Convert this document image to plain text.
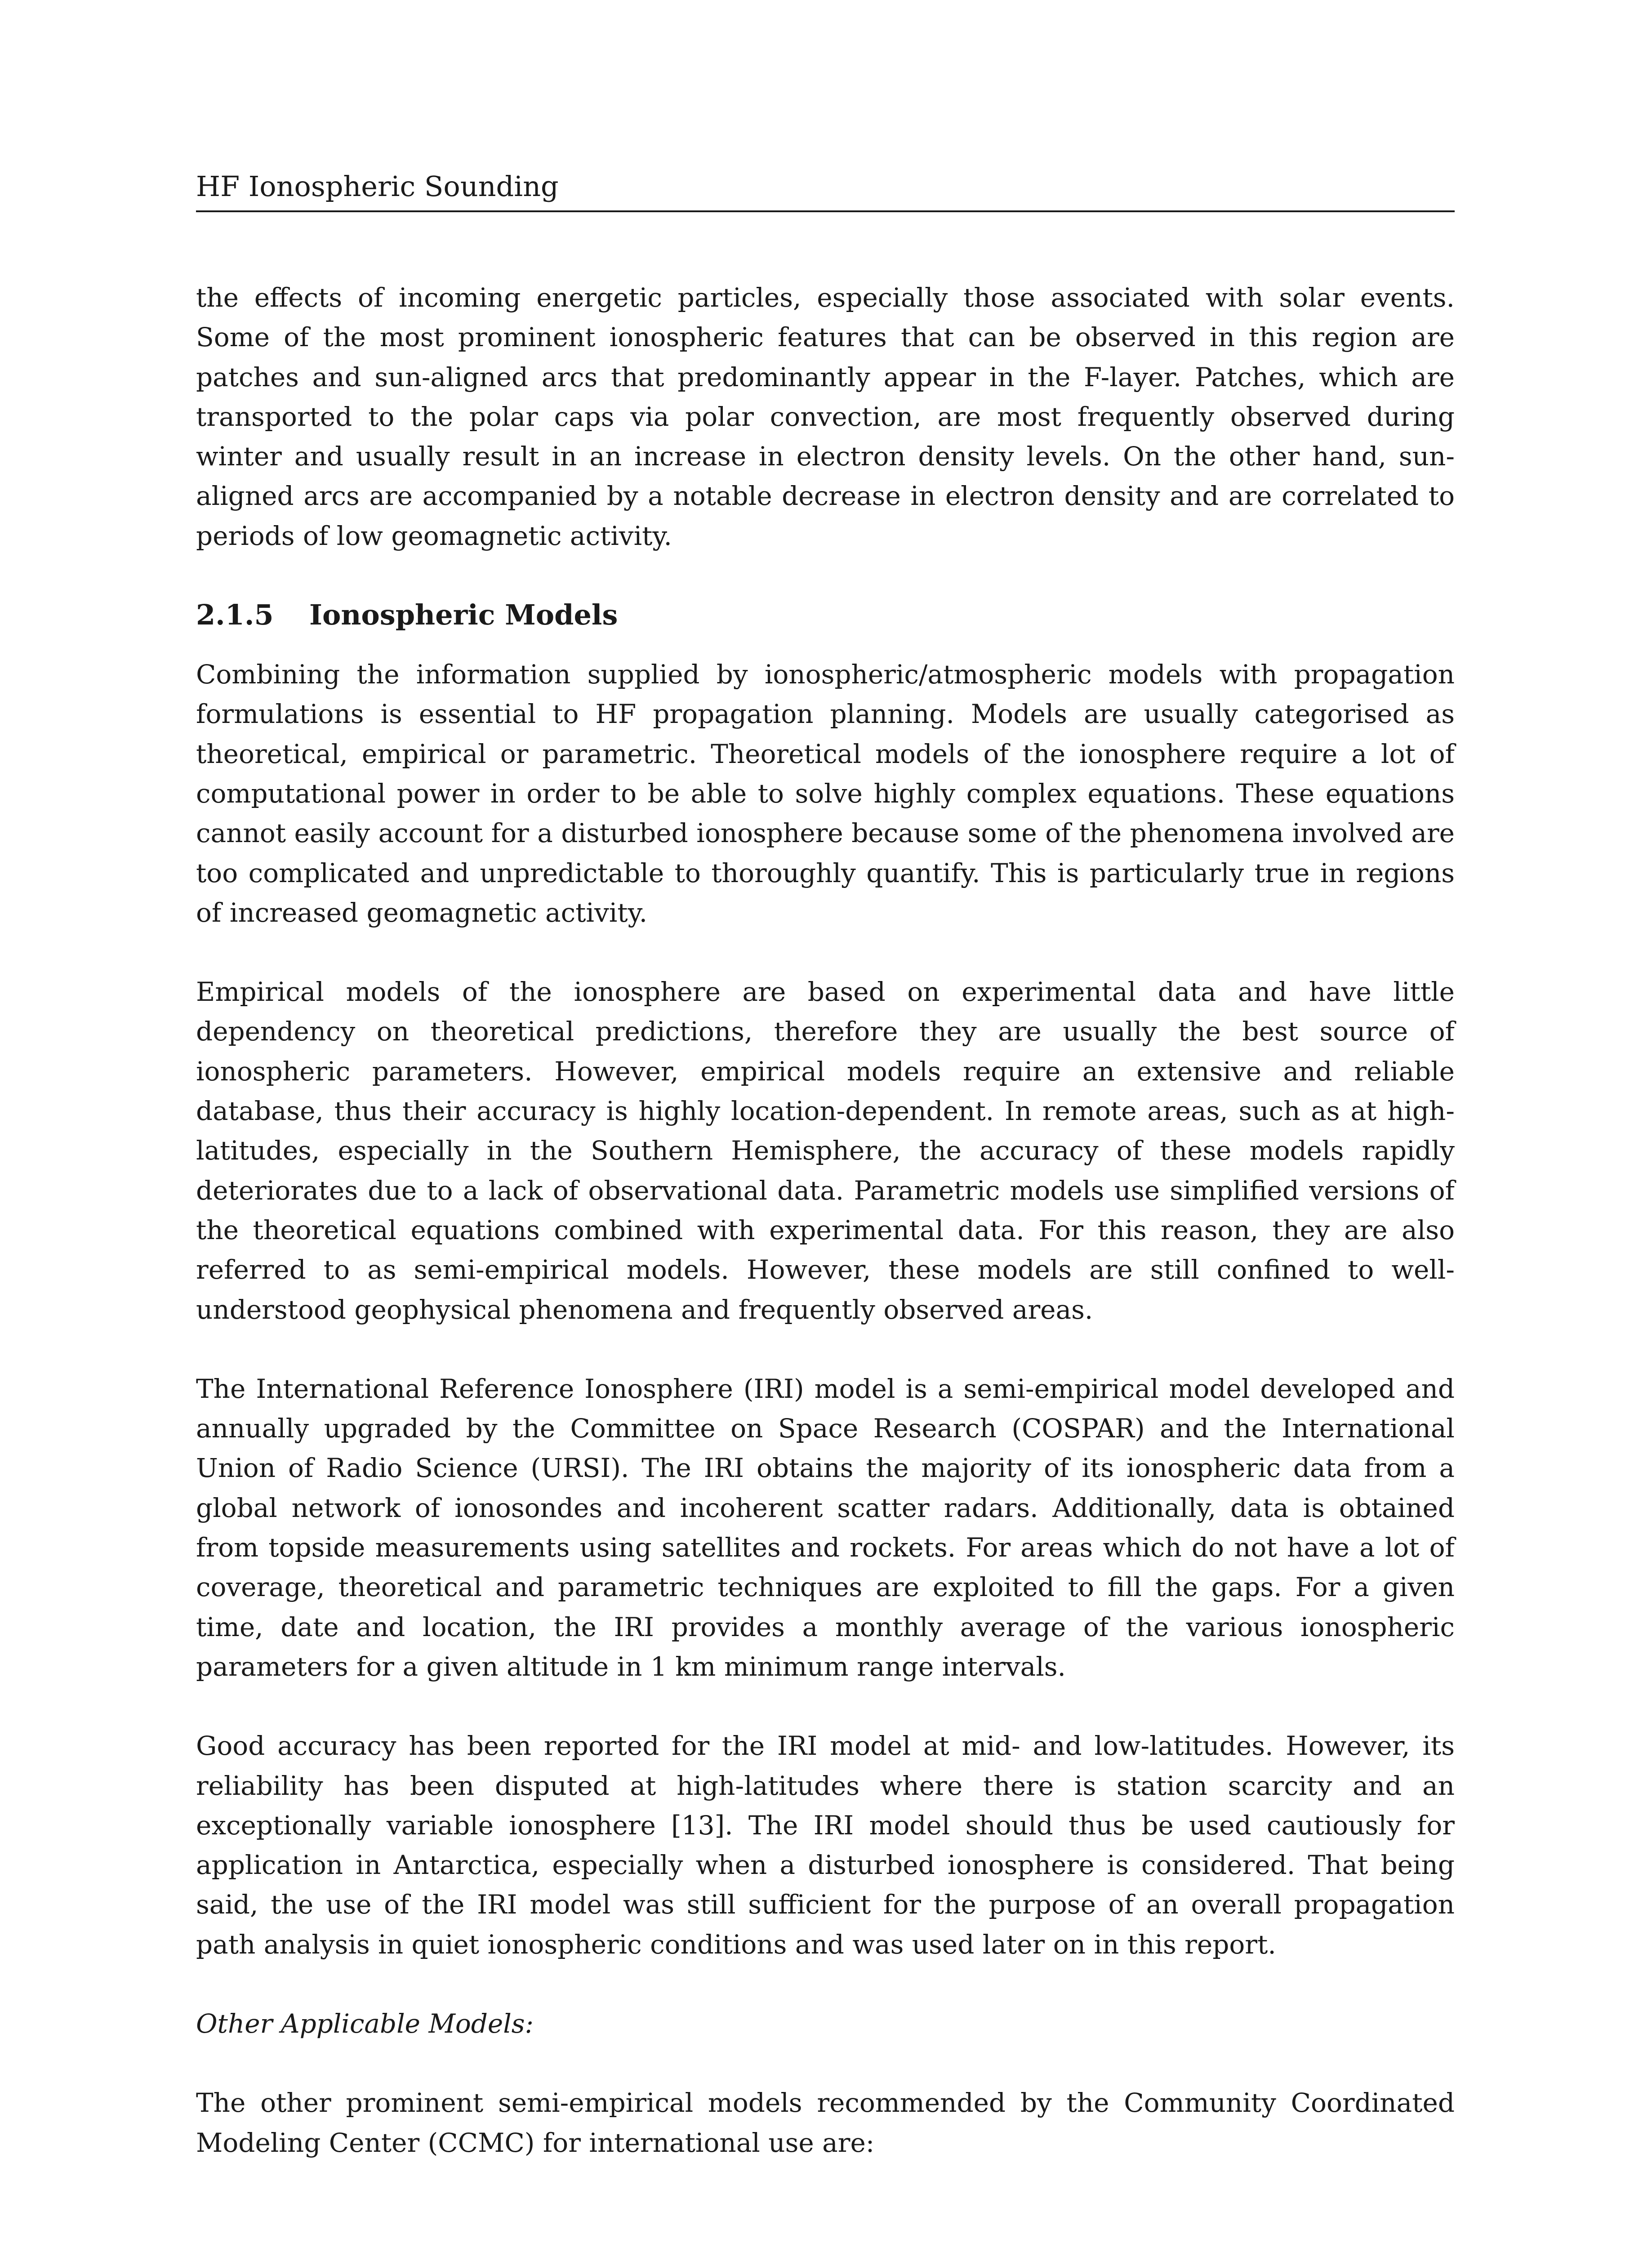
HF Ionospheric Sounding

the effects of incoming energetic particles, especially those associated with solar events. Some of the most prominent ionospheric features that can be observed in this region are patches and sun-aligned arcs that predominantly appear in the F-layer. Patches, which are transported to the polar caps via polar convection, are most frequently observed during winter and usually result in an increase in electron density levels. On the other hand, sun-aligned arcs are accompanied by a notable decrease in electron density and are correlated to periods of low geomagnetic activity.

2.1.5 Ionospheric Models

Combining the information supplied by ionospheric/atmospheric models with propagation formulations is essential to HF propagation planning. Models are usually categorised as theoretical, empirical or parametric. Theoretical models of the ionosphere require a lot of computational power in order to be able to solve highly complex equations. These equations cannot easily account for a disturbed ionosphere because some of the phenomena involved are too complicated and unpredictable to thoroughly quantify. This is particularly true in regions of increased geomagnetic activity.

Empirical models of the ionosphere are based on experimental data and have little dependency on theoretical predictions, therefore they are usually the best source of ionospheric parameters. However, empirical models require an extensive and reliable database, thus their accuracy is highly location-dependent. In remote areas, such as at high-latitudes, especially in the Southern Hemisphere, the accuracy of these models rapidly deteriorates due to a lack of observational data. Parametric models use simplified versions of the theoretical equations combined with experimental data. For this reason, they are also referred to as semi-empirical models. However, these models are still confined to well-understood geophysical phenomena and frequently observed areas.

The International Reference Ionosphere (IRI) model is a semi-empirical model developed and annually upgraded by the Committee on Space Research (COSPAR) and the International Union of Radio Science (URSI). The IRI obtains the majority of its ionospheric data from a global network of ionosondes and incoherent scatter radars. Additionally, data is obtained from topside measurements using satellites and rockets. For areas which do not have a lot of coverage, theoretical and parametric techniques are exploited to fill the gaps. For a given time, date and location, the IRI provides a monthly average of the various ionospheric parameters for a given altitude in 1 km minimum range intervals.

Good accuracy has been reported for the IRI model at mid- and low-latitudes. However, its reliability has been disputed at high-latitudes where there is station scarcity and an exceptionally variable ionosphere [13]. The IRI model should thus be used cautiously for application in Antarctica, especially when a disturbed ionosphere is considered. That being said, the use of the IRI model was still sufficient for the purpose of an overall propagation path analysis in quiet ionospheric conditions and was used later on in this report.

Other Applicable Models:

The other prominent semi-empirical models recommended by the Community Coordinated Modeling Center (CCMC) for international use are:
